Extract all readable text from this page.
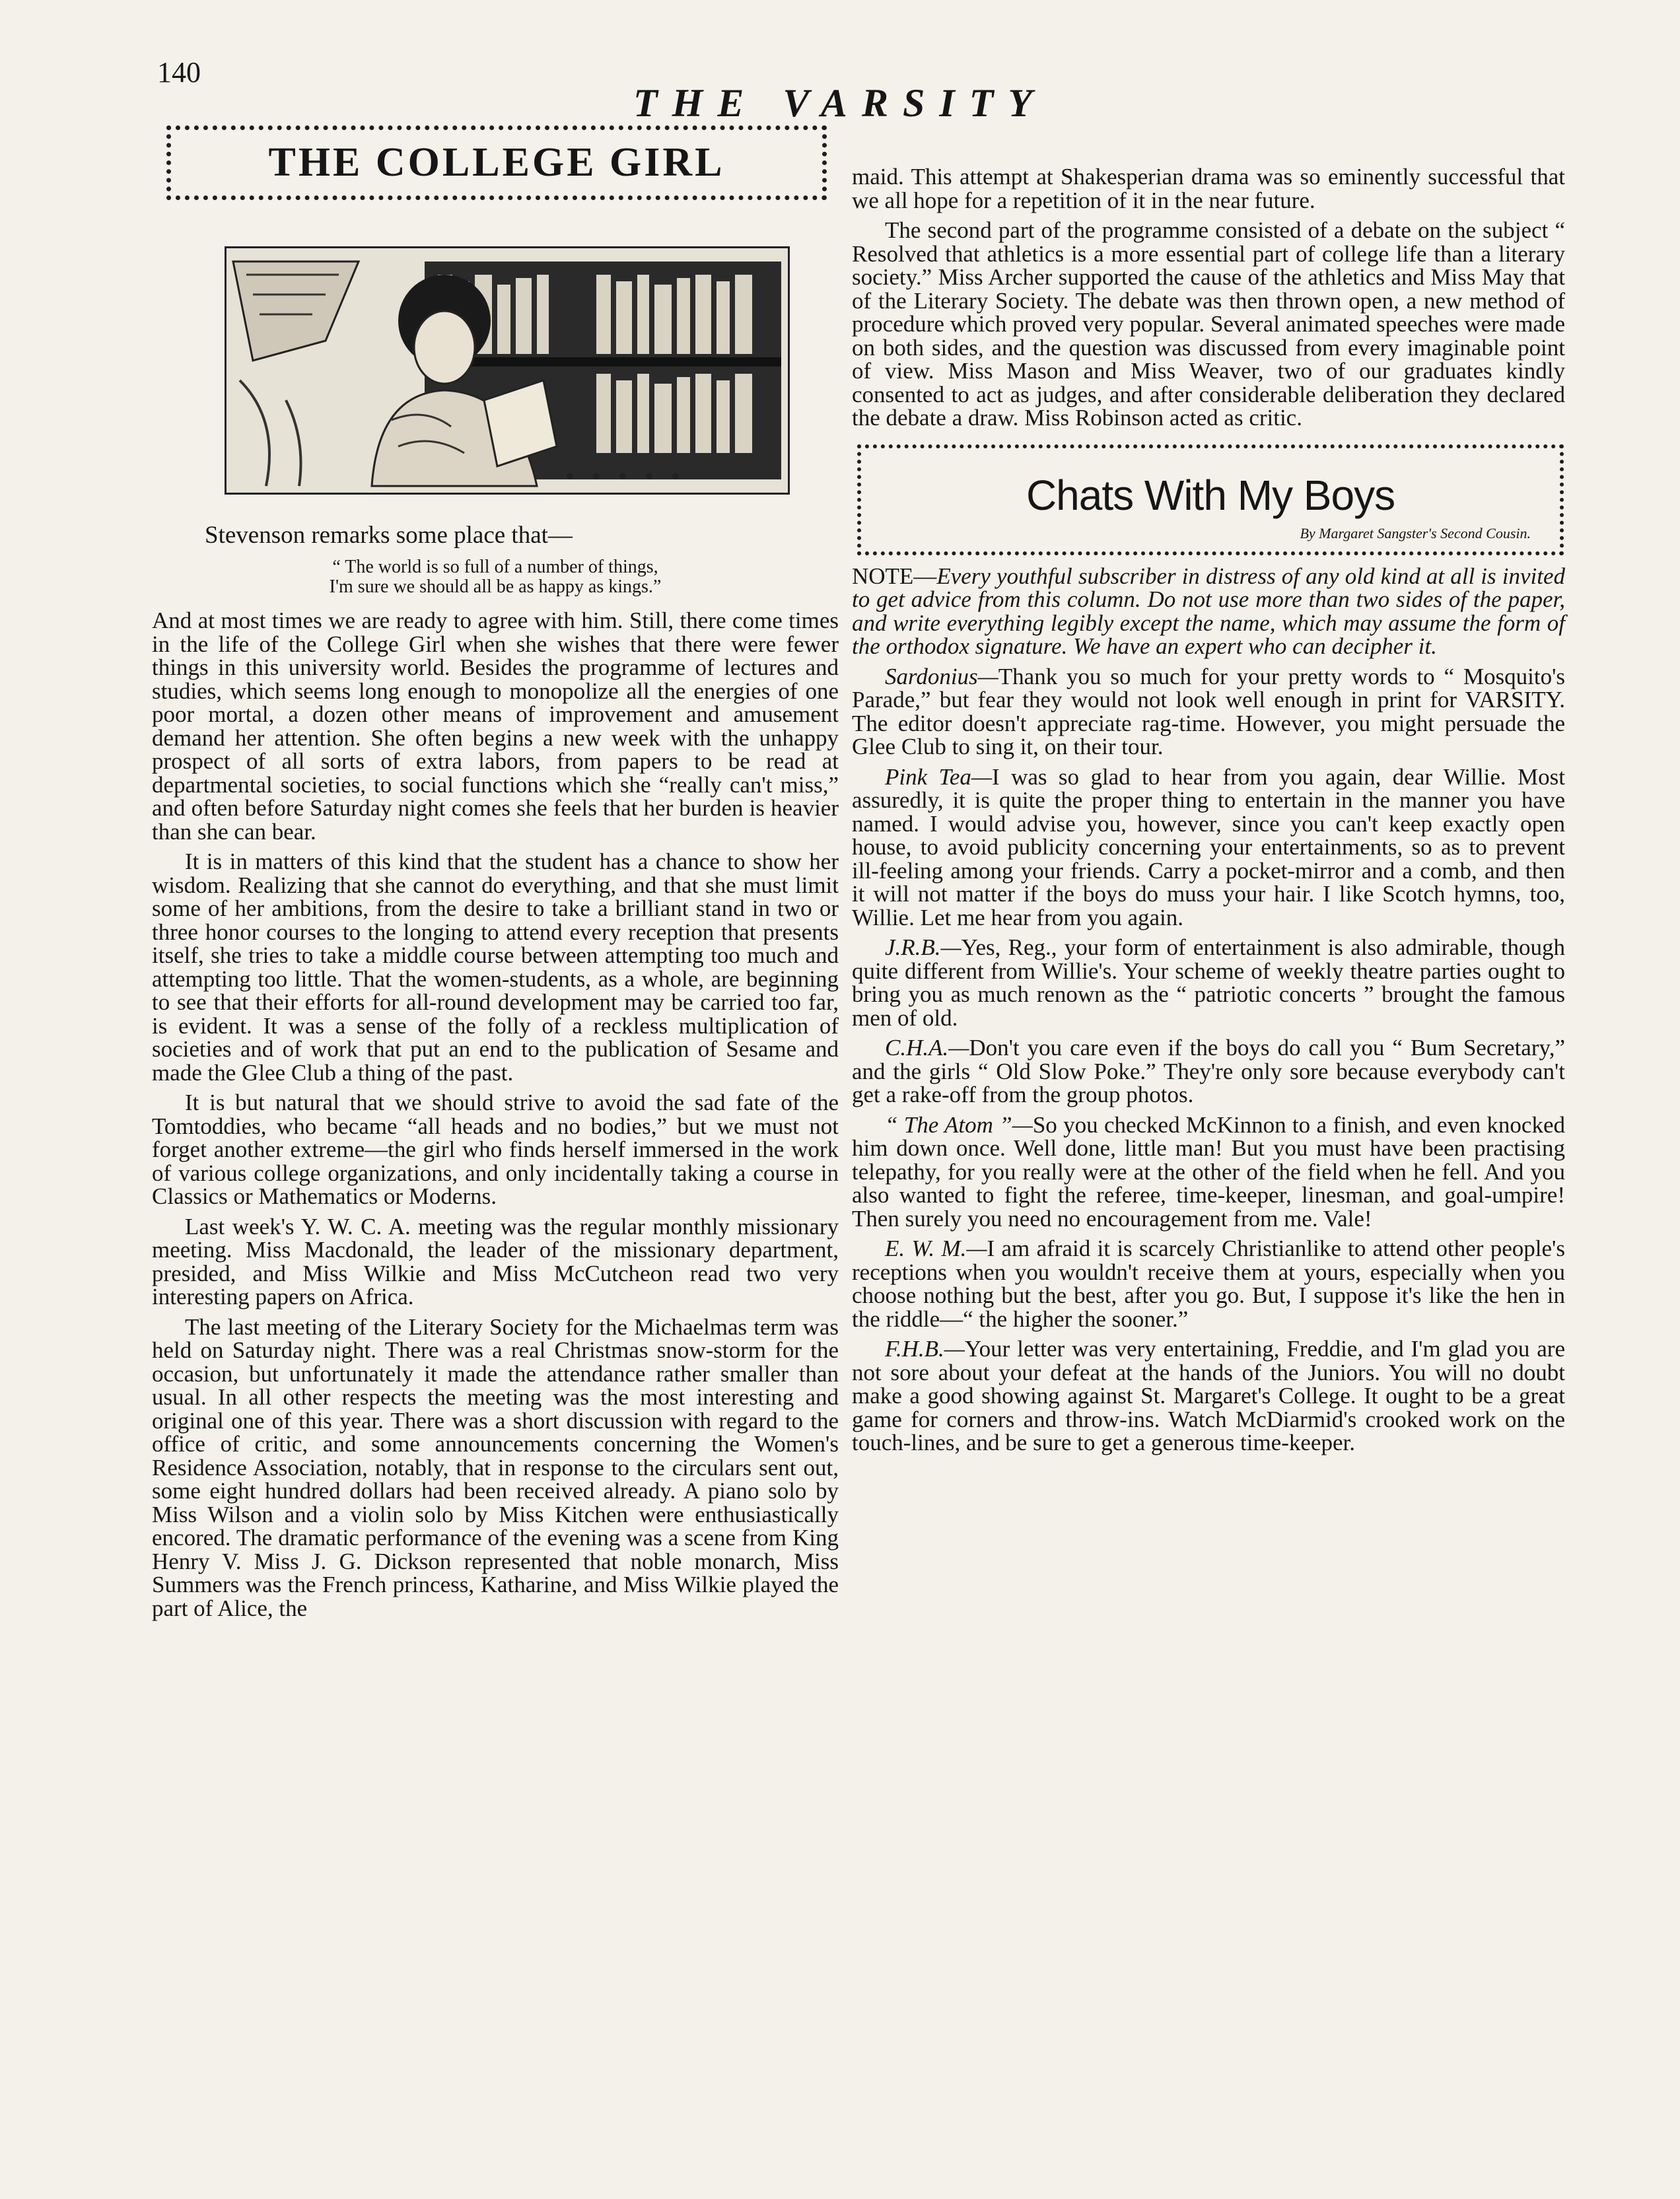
140
THE VARSITY
THE COLLEGE GIRL
Stevenson remarks some place that—
“ The world is so full of a number of things,
I'm sure we should all be as happy as kings.”

And at most times we are ready to agree with him. Still, there come times in the life of the College Girl when she wishes that there were fewer things in this university world. Besides the programme of lectures and studies, which seems long enough to monopolize all the energies of one poor mortal, a dozen other means of improvement and amusement demand her attention. She often begins a new week with the unhappy prospect of all sorts of extra labors, from papers to be read at departmental societies, to social functions which she “really can't miss,” and often before Saturday night comes she feels that her burden is heavier than she can bear.

It is in matters of this kind that the student has a chance to show her wisdom. Realizing that she cannot do everything, and that she must limit some of her ambitions, from the desire to take a brilliant stand in two or three honor courses to the longing to attend every reception that presents itself, she tries to take a middle course between attempting too much and attempting too little. That the women-students, as a whole, are beginning to see that their efforts for all-round development may be carried too far, is evident. It was a sense of the folly of a reckless multiplication of societies and of work that put an end to the publication of Sesame and made the Glee Club a thing of the past.

It is but natural that we should strive to avoid the sad fate of the Tomtoddies, who became “all heads and no bodies,” but we must not forget another extreme—the girl who finds herself immersed in the work of various college organizations, and only incidentally taking a course in Classics or Mathematics or Moderns.

Last week's Y. W. C. A. meeting was the regular monthly missionary meeting. Miss Macdonald, the leader of the missionary department, presided, and Miss Wilkie and Miss McCutcheon read two very interesting papers on Africa.

The last meeting of the Literary Society for the Michaelmas term was held on Saturday night. There was a real Christmas snow-storm for the occasion, but unfortunately it made the attendance rather smaller than usual. In all other respects the meeting was the most interesting and original one of this year. There was a short discussion with regard to the office of critic, and some announcements concerning the Women's Residence Association, notably, that in response to the circulars sent out, some eight hundred dollars had been received already. A piano solo by Miss Wilson and a violin solo by Miss Kitchen were enthusiastically encored. The dramatic performance of the evening was a scene from King Henry V. Miss J. G. Dickson represented that noble monarch, Miss Summers was the French princess, Katharine, and Miss Wilkie played the part of Alice, the

maid. This attempt at Shakesperian drama was so eminently successful that we all hope for a repetition of it in the near future.

The second part of the programme consisted of a debate on the subject “ Resolved that athletics is a more essential part of college life than a literary society.” Miss Archer supported the cause of the athletics and Miss May that of the Literary Society. The debate was then thrown open, a new method of procedure which proved very popular. Several animated speeches were made on both sides, and the question was discussed from every imaginable point of view. Miss Mason and Miss Weaver, two of our graduates kindly consented to act as judges, and after considerable deliberation they declared the debate a draw. Miss Robinson acted as critic.

Chats With My Boys
By Margaret Sangster's Second Cousin.

NOTE—Every youthful subscriber in distress of any old kind at all is invited to get advice from this column. Do not use more than two sides of the paper, and write everything legibly except the name, which may assume the form of the orthodox signature. We have an expert who can decipher it.

Sardonius—Thank you so much for your pretty words to “ Mosquito's Parade,” but fear they would not look well enough in print for VARSITY. The editor doesn't appreciate rag-time. However, you might persuade the Glee Club to sing it, on their tour.

Pink Tea—I was so glad to hear from you again, dear Willie. Most assuredly, it is quite the proper thing to entertain in the manner you have named. I would advise you, however, since you can't keep exactly open house, to avoid publicity concerning your entertainments, so as to prevent ill-feeling among your friends. Carry a pocket-mirror and a comb, and then it will not matter if the boys do muss your hair. I like Scotch hymns, too, Willie. Let me hear from you again.

J.R.B.—Yes, Reg., your form of entertainment is also admirable, though quite different from Willie's. Your scheme of weekly theatre parties ought to bring you as much renown as the “ patriotic concerts ” brought the famous men of old.

C.H.A.—Don't you care even if the boys do call you “ Bum Secretary,” and the girls “ Old Slow Poke.” They're only sore because everybody can't get a rake-off from the group photos.

“ The Atom ”—So you checked McKinnon to a finish, and even knocked him down once. Well done, little man! But you must have been practising telepathy, for you really were at the other of the field when he fell. And you also wanted to fight the referee, time-keeper, linesman, and goal-umpire! Then surely you need no encouragement from me. Vale!

E. W. M.—I am afraid it is scarcely Christianlike to attend other people's receptions when you wouldn't receive them at yours, especially when you choose nothing but the best, after you go. But, I suppose it's like the hen in the riddle—“ the higher the sooner.”

F.H.B.—Your letter was very entertaining, Freddie, and I'm glad you are not sore about your defeat at the hands of the Juniors. You will no doubt make a good showing against St. Margaret's College. It ought to be a great game for corners and throw-ins. Watch McDiarmid's crooked work on the touch-lines, and be sure to get a generous time-keeper.
